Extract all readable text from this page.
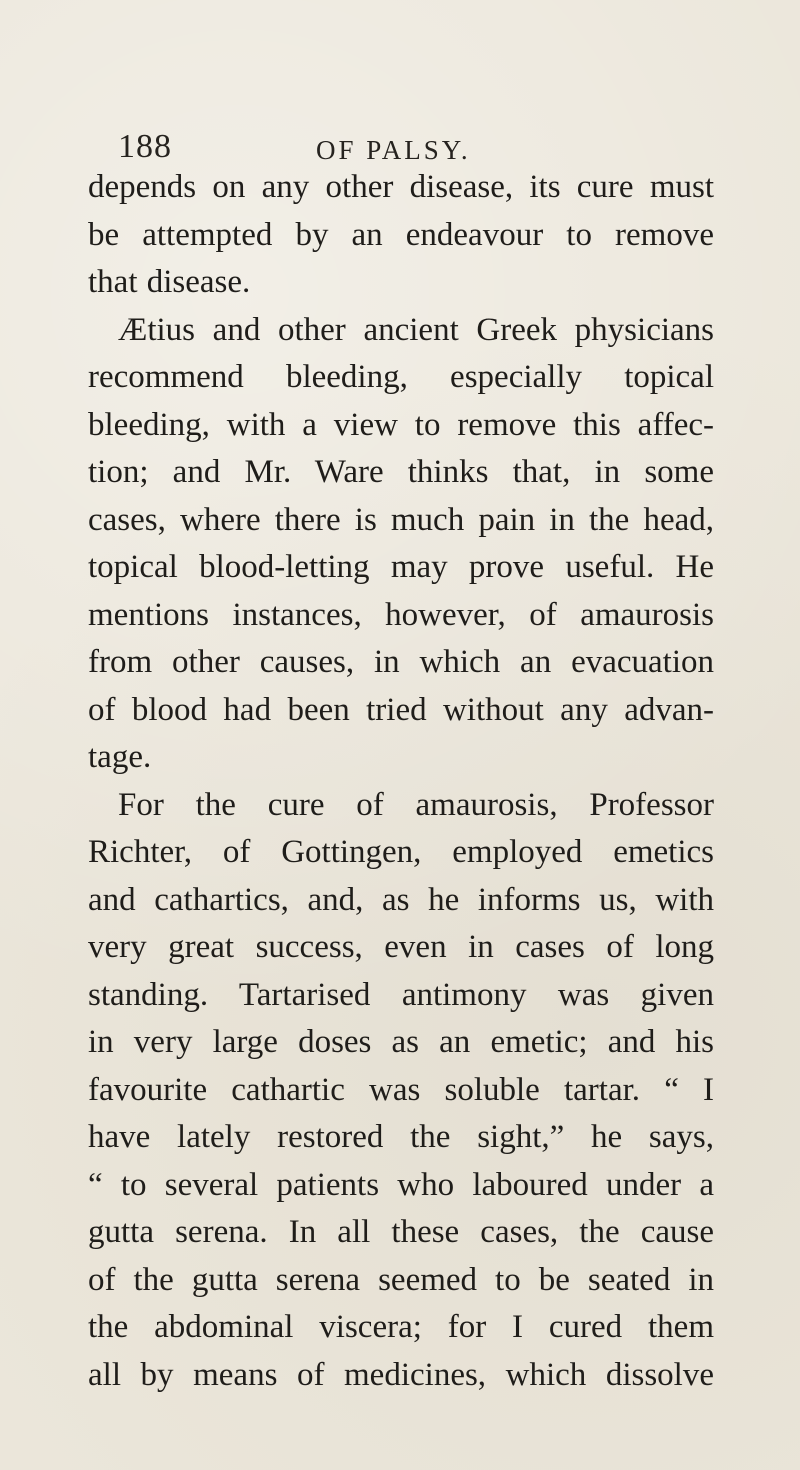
188	OF PALSY.
depends on any other disease, its cure must
be attempted by an endeavour to remove
that disease.
Ætius and other ancient Greek physicians
recommend bleeding, especially topical
bleeding, with a view to remove this affec-
tion; and Mr. Ware thinks that, in some
cases, where there is much pain in the head,
topical blood-letting may prove useful. He
mentions instances, however, of amaurosis
from other causes, in which an evacuation
of blood had been tried without any advan-
tage.
For the cure of amaurosis, Professor
Richter, of Gottingen, employed emetics
and cathartics, and, as he informs us, with
very great success, even in cases of long
standing. Tartarised antimony was given
in very large doses as an emetic; and his
favourite cathartic was soluble tartar. “ I
have lately restored the sight,” he says,
“ to several patients who laboured under a
gutta serena. In all these cases, the cause
of the gutta serena seemed to be seated in
the abdominal viscera; for I cured them
all by means of medicines, which dissolve
